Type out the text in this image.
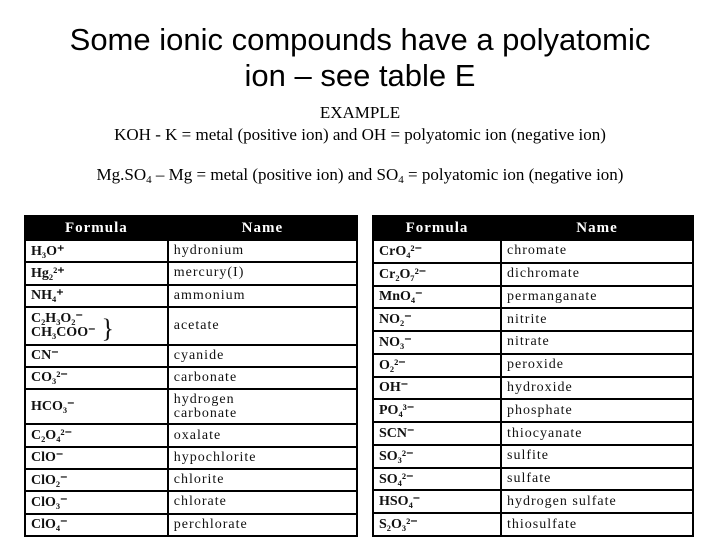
Some ionic compounds have a polyatomic
ion – see table E
EXAMPLE
KOH - K = metal (positive ion) and OH = polyatomic ion (negative ion)
$Mg.SO_4$ – Mg = metal (positive ion) and $SO_4$ = polyatomic ion (negative ion)
Formula	Name
H₃O⁺	hydronium
Hg₂²⁺	mercury(I)
NH₄⁺	ammonium

C₂H₃O₂⁻
CH₃COO⁻ }	acetate
CN⁻	cyanide
CO₃²⁻	carbonate
HCO₃⁻	hydrogen
carbonate

C₂O₄²⁻	oxalate
ClO⁻	hypochlorite
ClO₂⁻	chlorite
ClO₃⁻	chlorate
ClO₄⁻	perchlorate
Formula	Name
CrO₄²⁻	chromate
Cr₂O₇²⁻	dichromate
MnO₄⁻	permanganate
NO₂⁻	nitrite
NO₃⁻	nitrate
O₂²⁻	peroxide
OH⁻	hydroxide
PO₄³⁻	phosphate
SCN⁻	thiocyanate
SO₃²⁻	sulfite
SO₄²⁻	sulfate
HSO₄⁻	hydrogen sulfate
S₂O₃²⁻	thiosulfate
